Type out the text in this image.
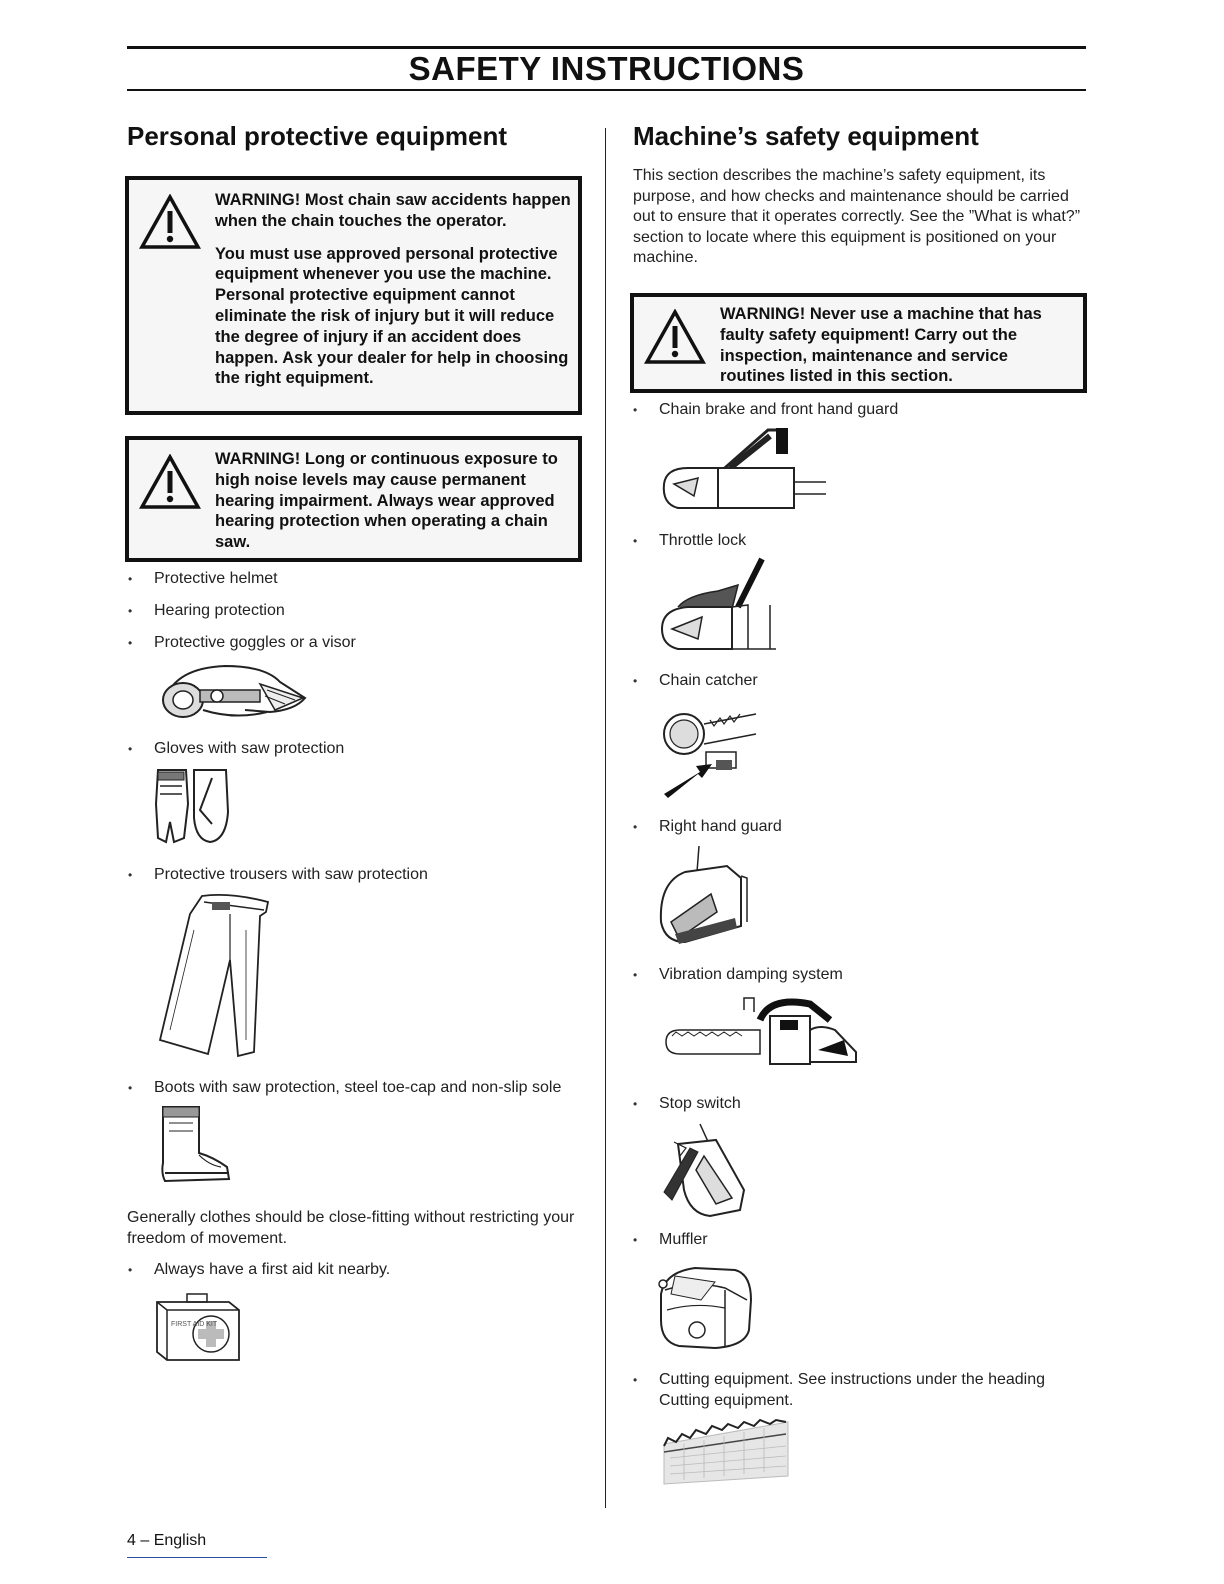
SAFETY INSTRUCTIONS
Personal protective equipment

WARNING! Most chain saw accidents happen when the chain touches the operator.

You must use approved personal protective equipment whenever you use the machine. Personal protective equipment cannot eliminate the risk of injury but it will reduce the degree of injury if an accident does happen. Ask your dealer for help in choosing the right equipment.

WARNING! Long or continuous exposure to high noise levels may cause permanent hearing impairment. Always wear approved hearing protection when operating a chain saw.

• Protective helmet
• Hearing protection
• Protective goggles or a visor
• Gloves with saw protection
• Protective trousers with saw protection
• Boots with saw protection, steel toe-cap and non-slip sole

Generally clothes should be close-fitting without restricting your freedom of movement.

• Always have a first aid kit nearby.
FIRST AID KIT
Machine’s safety equipment

This section describes the machine’s safety equipment, its purpose, and how checks and maintenance should be carried out to ensure that it operates correctly. See the ”What is what?” section to locate where this equipment is positioned on your machine.

WARNING! Never use a machine that has faulty safety equipment! Carry out the inspection, maintenance and service routines listed in this section.

• Chain brake and front hand guard
• Throttle lock
• Chain catcher
• Right hand guard
• Vibration damping system
• Stop switch
• Muffler
• Cutting equipment. See instructions under the heading Cutting equipment.
4 – English
